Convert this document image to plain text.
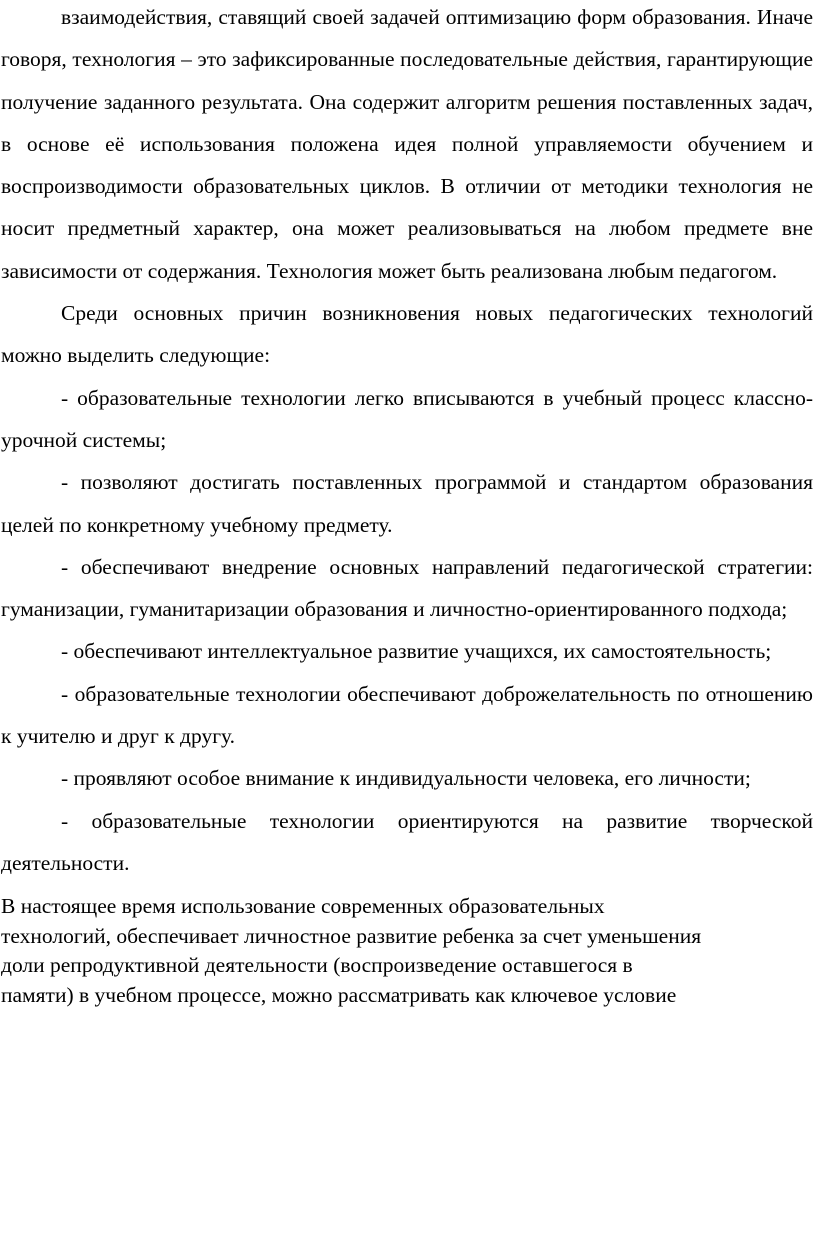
взаимодействия, ставящий своей задачей оптимизацию форм образования. Иначе говоря, технология – это зафиксированные последовательные действия, гарантирующие получение заданного результата. Она содержит алгоритм решения поставленных задач, в основе её использования положена идея полной управляемости обучением и воспроизводимости образовательных циклов. В отличии от методики технология не носит предметный характер, она может реализовываться на любом предмете вне зависимости от содержания. Технология может быть реализована любым педагогом.

Среди основных причин возникновения новых педагогических технологий можно выделить следующие:

- образовательные технологии легко вписываются в учебный процесс классно-урочной системы;

- позволяют достигать поставленных программой и стандартом образования целей по конкретному учебному предмету.

- обеспечивают внедрение основных направлений педагогической стратегии: гуманизации, гуманитаризации образования и личностно-ориентированного подхода;

- обеспечивают интеллектуальное развитие учащихся, их самостоятельность;

- образовательные технологии обеспечивают доброжелательность по отношению к учителю и друг к другу.

- проявляют особое внимание к индивидуальности человека, его личности;

- образовательные технологии ориентируются на развитие творческой деятельности.

В настоящее время использование современных образовательных
технологий, обеспечивает личностное развитие ребенка за счет уменьшения
доли репродуктивной деятельности (воспроизведение оставшегося в
памяти) в учебном процессе, можно рассматривать как ключевое условие
